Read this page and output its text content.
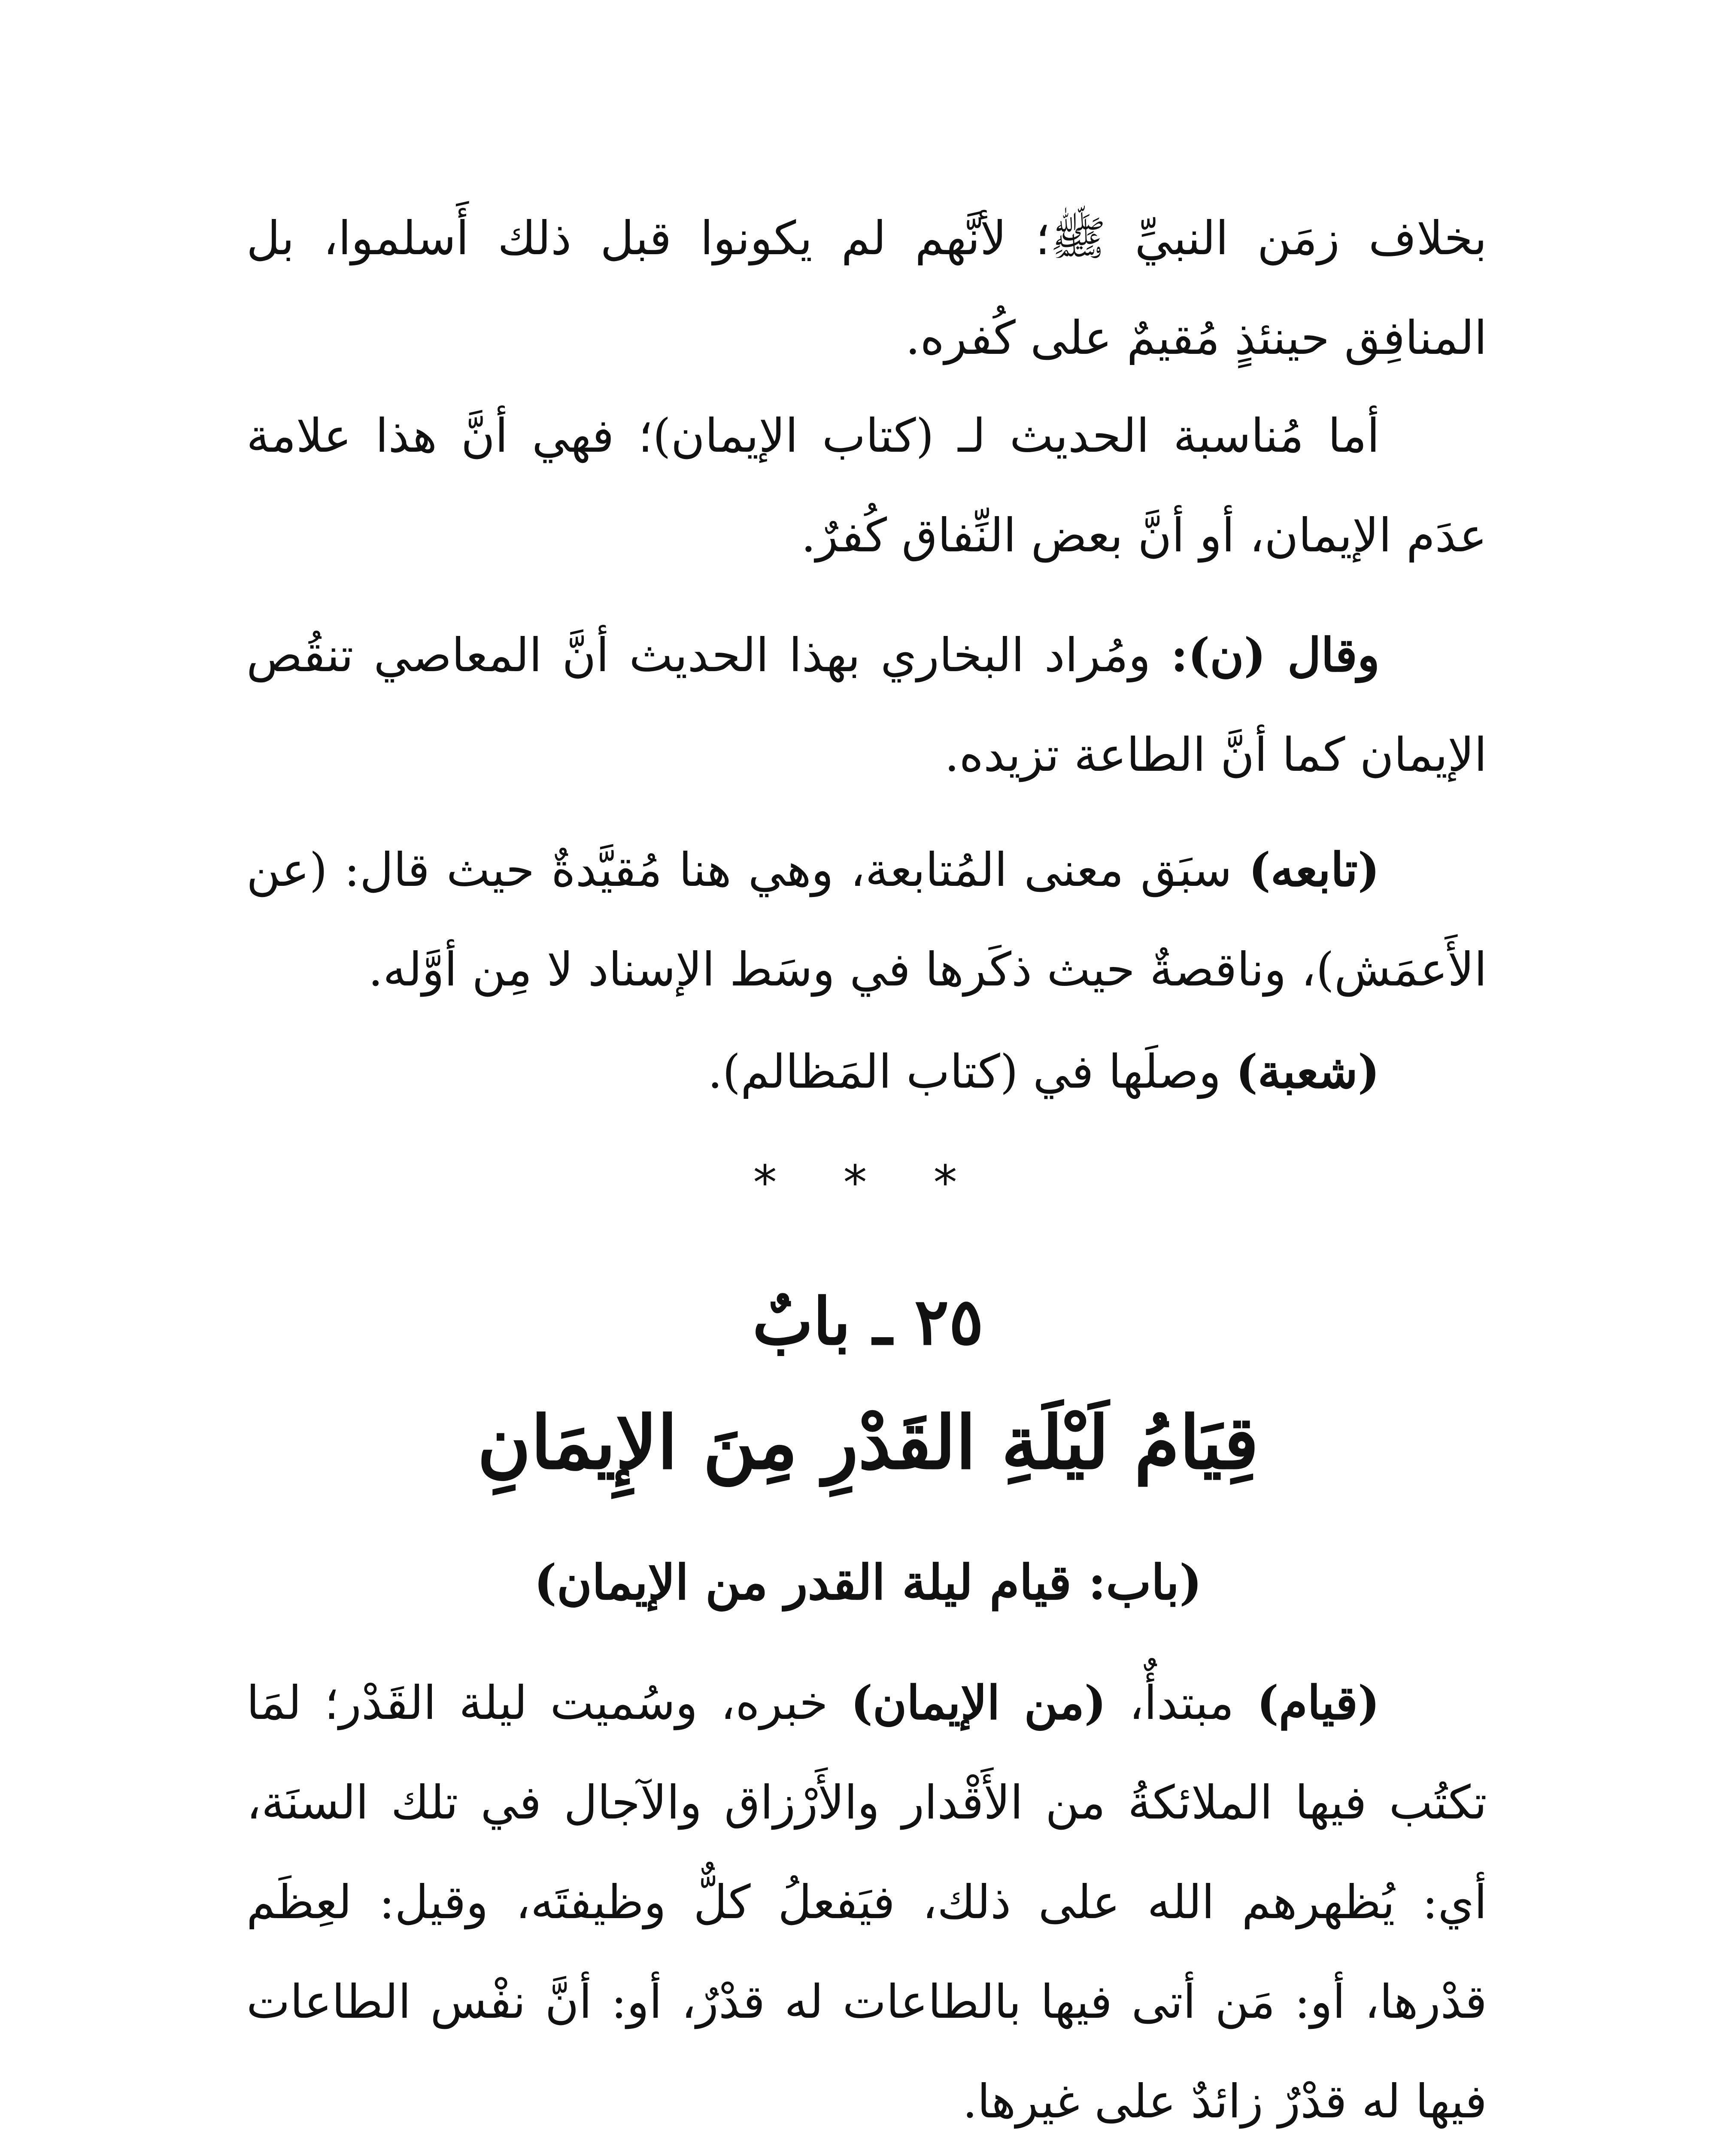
بخلاف زمَن النبيِّ ﷺ؛ لأنَّهم لم يكونوا قبل ذلك أَسلموا، بل المنافِق حينئذٍ مُقيمٌ على كُفره.

أما مُناسبة الحديث لـ (كتاب الإيمان)؛ فهي أنَّ هذا علامة عدَم الإيمان، أو أنَّ بعض النِّفاق كُفرٌ.

وقال (ن): ومُراد البخاري بهذا الحديث أنَّ المعاصي تنقُص الإيمان كما أنَّ الطاعة تزيده.

(تابعه) سبَق معنى المُتابعة، وهي هنا مُقيَّدةٌ حيث قال: (عن الأَعمَش)، وناقصةٌ حيث ذكَرها في وسَط الإسناد لا مِن أوَّله.

(شعبة) وصلَها في (كتاب المَظالم).

* * *
٢٥ ـ بابٌ
قِيَامُ لَيْلَةِ القَدْرِ مِنَ الإِيمَانِ
(باب: قيام ليلة القدر من الإيمان)

(قيام) مبتدأٌ، (من الإيمان) خبره، وسُميت ليلة القَدْر؛ لمَا تكتُب فيها الملائكةُ من الأَقْدار والأَرْزاق والآجال في تلك السنَة، أي: يُظهرهم الله على ذلك، فيَفعلُ كلٌّ وظيفتَه، وقيل: لعِظَم قدْرها، أو: مَن أتى فيها بالطاعات له قدْرٌ، أو: أنَّ نفْس الطاعات فيها له قدْرٌ زائدٌ على غيرها.
